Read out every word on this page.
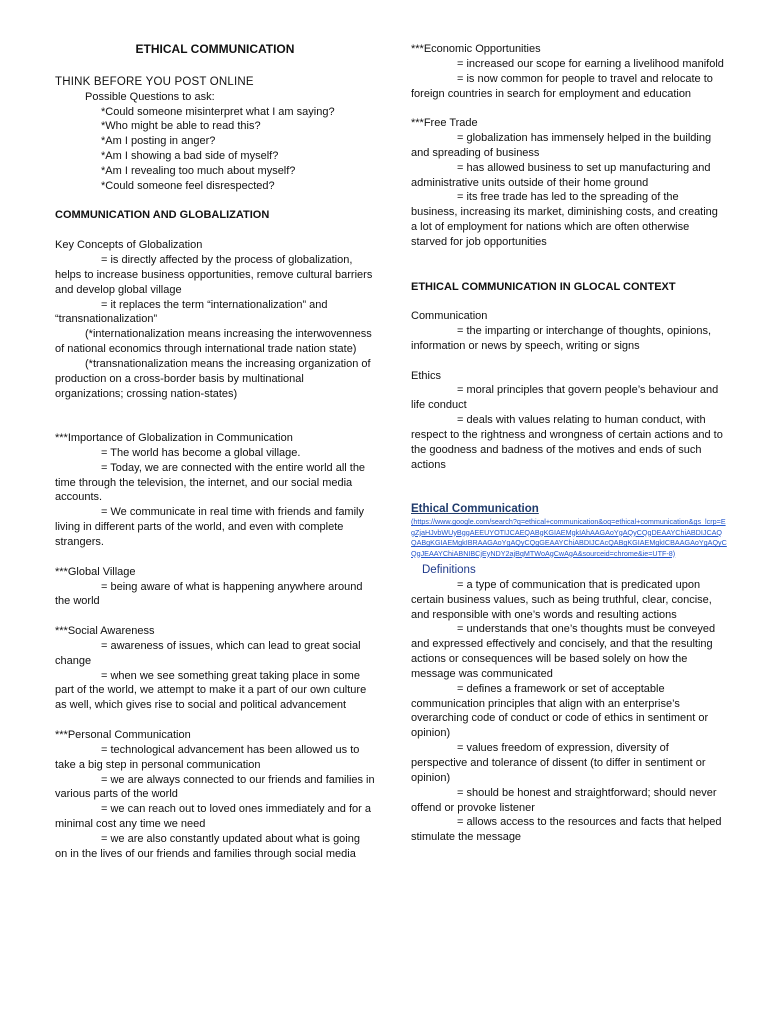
ETHICAL COMMUNICATION

THINK BEFORE YOU POST ONLINE

Possible Questions to ask:

*Could someone misinterpret what I am saying?

*Who might be able to read this?

*Am I posting in anger?

*Am I showing a bad side of myself?

*Am I revealing too much about myself?

*Could someone feel disrespected?

COMMUNICATION AND GLOBALIZATION

Key Concepts of Globalization

= is directly affected by the process of globalization, helps to increase business opportunities, remove cultural barriers and develop global village

= it replaces the term “internationalization” and “transnationalization”

(*internationalization means increasing the interwovenness of national economics through international trade nation state)

(*transnationalization means the increasing organization of production on a cross-border basis by multinational organizations; crossing nation-states)

***Importance of Globalization in Communication

= The world has become a global village.

= Today, we are connected with the entire world all the time through the television, the internet, and our social media accounts.

= We communicate in real time with friends and family living in different parts of the world, and even with complete strangers.

***Global Village

= being aware of what is happening anywhere around the world

***Social Awareness

= awareness of issues, which can lead to great social change

= when we see something great taking place in some part of the world, we attempt to make it a part of our own culture as well, which gives rise to social and political advancement

***Personal Communication

= technological advancement has been allowed us to take a big step in personal communication

= we are always connected to our friends and families in various parts of the world

= we can reach out to loved ones immediately and for a minimal cost any time we need

= we are also constantly updated about what is going on in the lives of our friends and families through social media

***Economic Opportunities

= increased our scope for earning a livelihood manifold

= is now common for people to travel and relocate to foreign countries in search for employment and education

***Free Trade

= globalization has immensely helped in the building and spreading of business

= has allowed business to set up manufacturing and administrative units outside of their home ground

= its free trade has led to the spreading of the business, increasing its market, diminishing costs, and creating a lot of employment for nations which are often otherwise starved for job opportunities

ETHICAL COMMUNICATION IN GLOCAL CONTEXT

Communication

= the imparting or interchange of thoughts, opinions, information or news by speech, writing or signs

Ethics

= moral principles that govern people’s behaviour and life conduct

= deals with values relating to human conduct, with respect to the rightness and wrongness of certain actions and to the goodness and badness of the motives and ends of such actions

Ethical Communication

(https://www.google.com/search?q=ethical+communication&oq=ethical+communication&gs_lcrp=EgZjaHJvbWUyBggAEEUYOTIJCAEQABgKGIAEMgkIAhAAGAoYgAQyCQgDEAAYChiABDIJCAQQABgKGIAEMgkIBRAAGAoYgAQyCQgGEAAYChiABDIJCAcQABgKGIAEMgkICBAAGAoYgAQyCQgJEAAYChiABNIBCjEyNDY2ajBqMTWoAgCwAgA&sourceid=chrome&ie=UTF-8)

Definitions

= a type of communication that is predicated upon certain business values, such as being truthful, clear, concise, and responsible with one’s words and resulting actions

= understands that one’s thoughts must be conveyed and expressed effectively and concisely, and that the resulting actions or consequences will be based solely on how the message was communicated

= defines a framework or set of acceptable communication principles that align with an enterprise’s overarching code of conduct or code of ethics in sentiment or opinion)

= values freedom of expression, diversity of perspective and tolerance of dissent (to differ in sentiment or opinion)

= should be honest and straightforward; should never offend or provoke listener

= allows access to the resources and facts that helped stimulate the message
